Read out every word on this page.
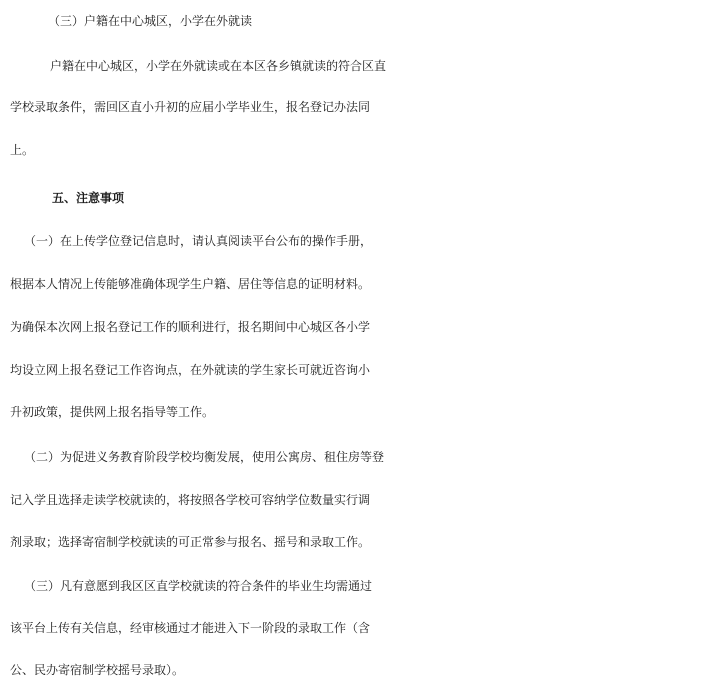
（三）户籍在中心城区，小学在外就读
户籍在中心城区，小学在外就读或在本区各乡镇就读的符合区直
学校录取条件，需回区直小升初的应届小学毕业生，报名登记办法同
上。
五、注意事项
（一）在上传学位登记信息时，请认真阅读平台公布的操作手册，
根据本人情况上传能够准确体现学生户籍、居住等信息的证明材料。
为确保本次网上报名登记工作的顺利进行，报名期间中心城区各小学
均设立网上报名登记工作咨询点，在外就读的学生家长可就近咨询小
升初政策，提供网上报名指导等工作。
（二）为促进义务教育阶段学校均衡发展，使用公寓房、租住房等登
记入学且选择走读学校就读的，将按照各学校可容纳学位数量实行调
剂录取；选择寄宿制学校就读的可正常参与报名、摇号和录取工作。
（三）凡有意愿到我区区直学校就读的符合条件的毕业生均需通过
该平台上传有关信息，经审核通过才能进入下一阶段的录取工作（含
公、民办寄宿制学校摇号录取）。
